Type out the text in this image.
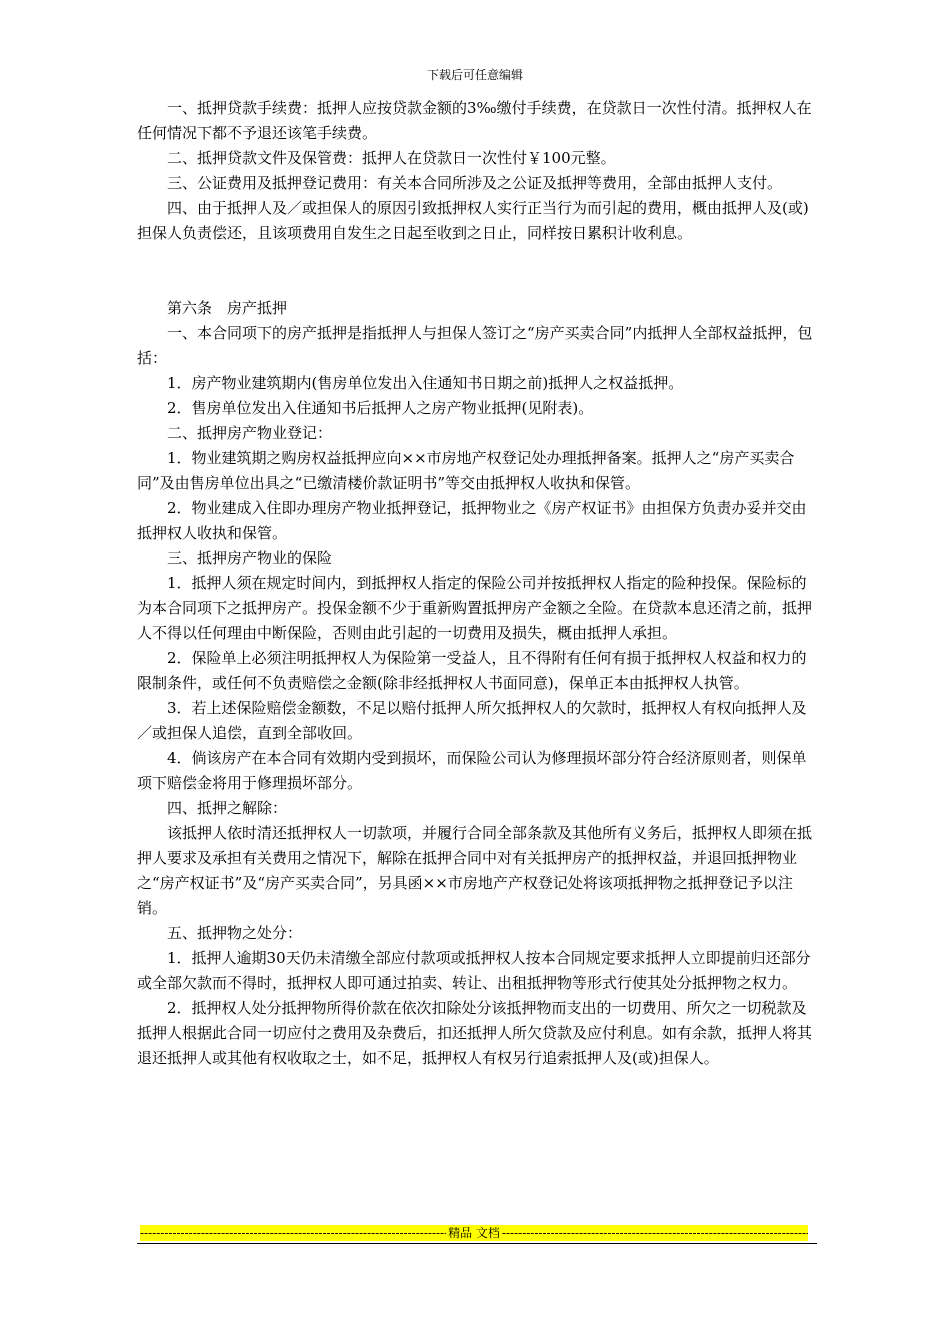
下载后可任意编辑

一、抵押贷款手续费：抵押人应按贷款金额的3‰缴付手续费，在贷款日一次性付清。抵押权人在任何情况下都不予退还该笔手续费。

二、抵押贷款文件及保管费：抵押人在贷款日一次性付￥100元整。

三、公证费用及抵押登记费用：有关本合同所涉及之公证及抵押等费用，全部由抵押人支付。

四、由于抵押人及／或担保人的原因引致抵押权人实行正当行为而引起的费用，概由抵押人及(或)担保人负责偿还，且该项费用自发生之日起至收到之日止，同样按日累积计收利息。

第六条　房产抵押

一、本合同项下的房产抵押是指抵押人与担保人签订之“房产买卖合同”内抵押人全部权益抵押，包括：

1．房产物业建筑期内(售房单位发出入住通知书日期之前)抵押人之权益抵押。

2．售房单位发出入住通知书后抵押人之房产物业抵押(见附表)。

二、抵押房产物业登记：

1．物业建筑期之购房权益抵押应向××市房地产权登记处办理抵押备案。抵押人之“房产买卖合同”及由售房单位出具之“已缴清楼价款证明书”等交由抵押权人收执和保管。

2．物业建成入住即办理房产物业抵押登记，抵押物业之《房产权证书》由担保方负责办妥并交由抵押权人收执和保管。

三、抵押房产物业的保险

1．抵押人须在规定时间内，到抵押权人指定的保险公司并按抵押权人指定的险种投保。保险标的为本合同项下之抵押房产。投保金额不少于重新购置抵押房产金额之全险。在贷款本息还清之前，抵押人不得以任何理由中断保险，否则由此引起的一切费用及损失，概由抵押人承担。

2．保险单上必须注明抵押权人为保险第一受益人，且不得附有任何有损于抵押权人权益和权力的限制条件，或任何不负责赔偿之金额(除非经抵押权人书面同意)，保单正本由抵押权人执管。

3．若上述保险赔偿金额数，不足以赔付抵押人所欠抵押权人的欠款时，抵押权人有权向抵押人及／或担保人追偿，直到全部收回。

4．倘该房产在本合同有效期内受到损坏，而保险公司认为修理损坏部分符合经济原则者，则保单项下赔偿金将用于修理损坏部分。

四、抵押之解除：

该抵押人依时清还抵押权人一切款项，并履行合同全部条款及其他所有义务后，抵押权人即须在抵押人要求及承担有关费用之情况下，解除在抵押合同中对有关抵押房产的抵押权益，并退回抵押物业之“房产权证书”及“房产买卖合同”，另具函××市房地产产权登记处将该项抵押物之抵押登记予以注销。

五、抵押物之处分：

1．抵押人逾期30天仍未清缴全部应付款项或抵押权人按本合同规定要求抵押人立即提前归还部分或全部欠款而不得时，抵押权人即可通过拍卖、转让、出租抵押物等形式行使其处分抵押物之权力。

2．抵押权人处分抵押物所得价款在依次扣除处分该抵押物而支出的一切费用、所欠之一切税款及抵押人根据此合同一切应付之费用及杂费后，扣还抵押人所欠贷款及应付利息。如有余款，抵押人将其退还抵押人或其他有权收取之士，如不足，抵押权人有权另行追索抵押人及(或)担保人。

-----
精品 文档
-----
